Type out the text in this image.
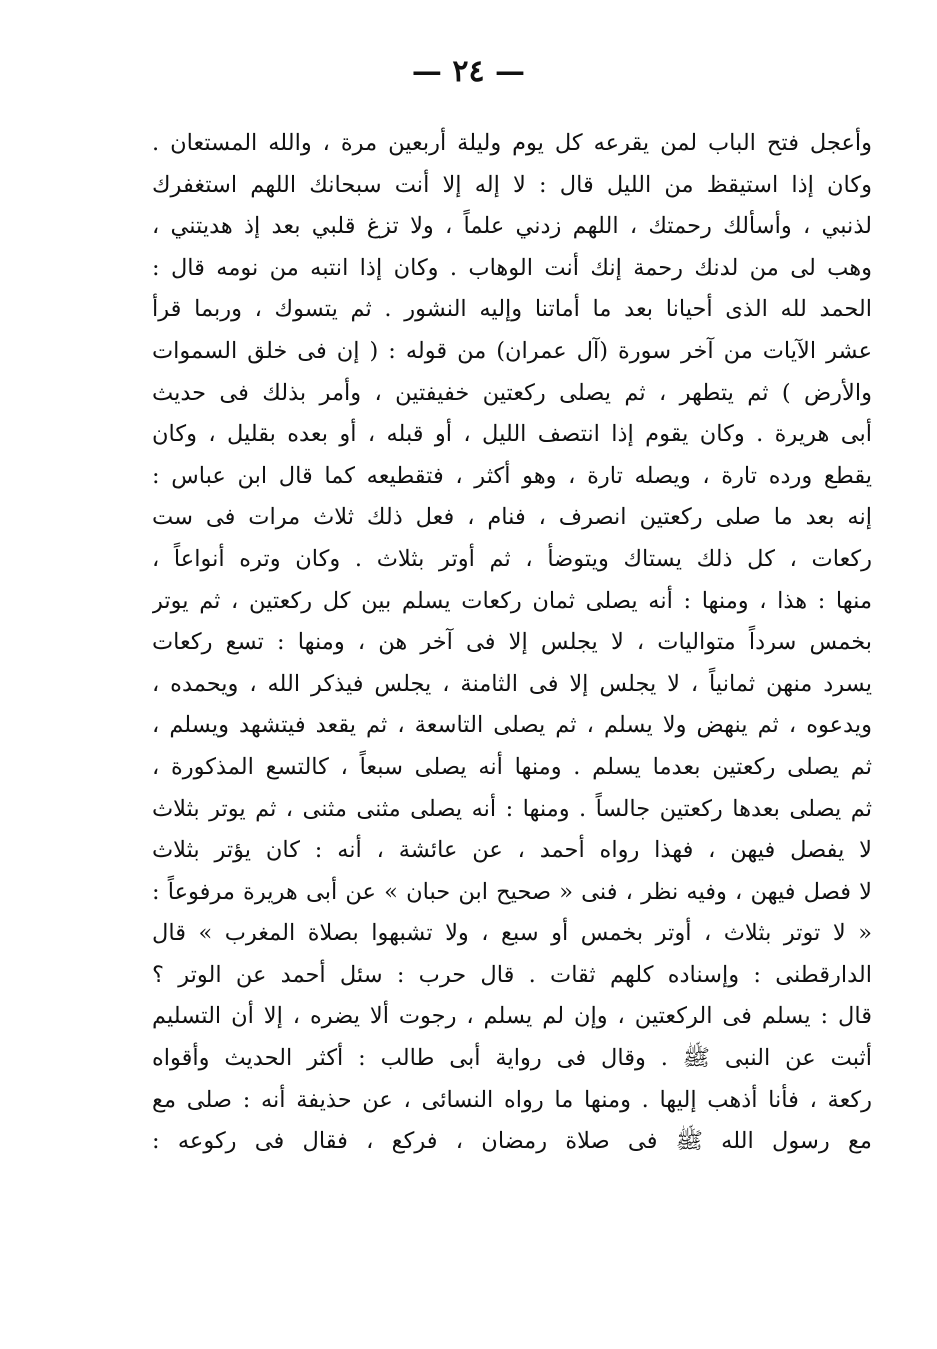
— ٢٤ —
وأعجل فتح الباب لمن يقرعه كل يوم وليلة أربعين مرة ، والله المستعان .
وكان إذا استيقظ من الليل قال : لا إله إلا أنت سبحانك اللهم استغفرك
لذنبي ، وأسألك رحمتك ، اللهم زدني علماً ، ولا تزغ قلبي بعد إذ هديتني ،
وهب لى من لدنك رحمة إنك أنت الوهاب . وكان إذا انتبه من نومه قال :
الحمد لله الذى أحيانا بعد ما أماتنا وإليه النشور . ثم يتسوك ، وربما قرأ
عشر الآيات من آخر سورة (آل عمران) من قوله : ( إن فى خلق السموات
والأرض ) ثم يتطهر ، ثم يصلى ركعتين خفيفتين ، وأمر بذلك فى حديث
أبى هريرة . وكان يقوم إذا انتصف الليل ، أو قبله ، أو بعده بقليل ، وكان
يقطع ورده تارة ، ويصله تارة ، وهو أكثر ، فتقطيعه كما قال ابن عباس :
إنه بعد ما صلى ركعتين انصرف ، فنام ، فعل ذلك ثلاث مرات فى ست
ركعات ، كل ذلك يستاك ويتوضأ ، ثم أوتر بثلاث . وكان وتره أنواعاً ،
منها : هذا ، ومنها : أنه يصلى ثمان ركعات يسلم بين كل ركعتين ، ثم يوتر
بخمس سرداً متواليات ، لا يجلس إلا فى آخر هن ، ومنها : تسع ركعات
يسرد منهن ثمانياً ، لا يجلس إلا فى الثامنة ، يجلس فيذكر الله ، ويحمده ،
ويدعوه ، ثم ينهض ولا يسلم ، ثم يصلى التاسعة ، ثم يقعد فيتشهد ويسلم ،
ثم يصلى ركعتين بعدما يسلم . ومنها أنه يصلى سبعاً ، كالتسع المذكورة ،
ثم يصلى بعدها ركعتين جالساً . ومنها : أنه يصلى مثنى مثنى ، ثم يوتر بثلاث
لا يفصل فيهن ، فهذا رواه أحمد ، عن عائشة ، أنه : كان يؤتر بثلاث
لا فصل فيهن ، وفيه نظر ، فنى « صحيح ابن حبان » عن أبى هريرة مرفوعاً :
« لا توتر بثلاث ، أوتر بخمس أو سبع ، ولا تشبهوا بصلاة المغرب » قال
الدارقطنى : وإسناده كلهم ثقات . قال حرب : سئل أحمد عن الوتر ؟
قال : يسلم فى الركعتين ، وإن لم يسلم ، رجوت ألا يضره ، إلا أن التسليم
أثبت عن النبى ﷺ . وقال فى رواية أبى طالب : أكثر الحديث وأقواه
ركعة ، فأنا أذهب إليها . ومنها ما رواه النسائى ، عن حذيفة أنه : صلى مع
مع رسول الله ﷺ فى صلاة رمضان ، فركع ، فقال فى ركوعه :
